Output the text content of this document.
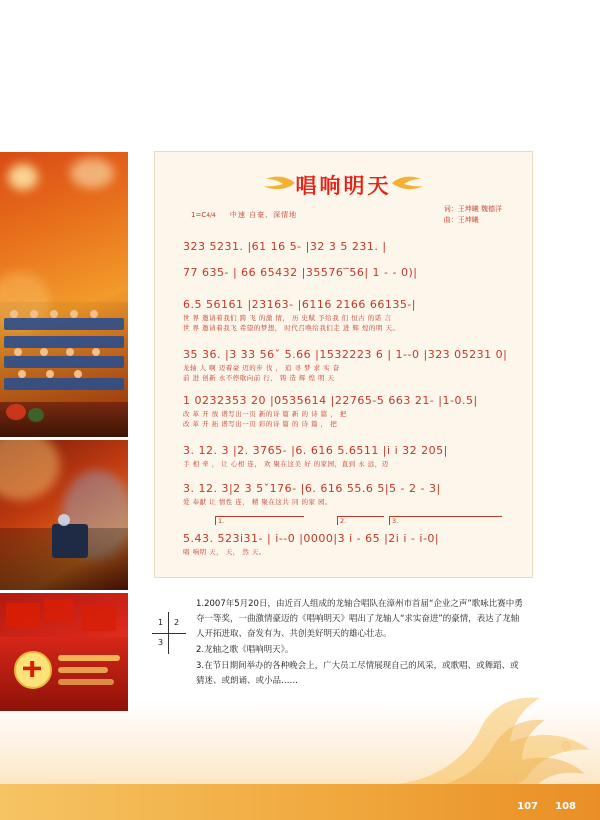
107 108
唱响明天
1=C4/4 中速 自豪、深情地
词：王坤曦 魏德洋
曲：王坤曦
323 5231. |61 16 5- |32 3 5 231. |
77 635- | 66 65432 |35576‾56| 1 - - 0)|
6.5 56161 |23163- |6116 2166 66135-|
世 界 邀请着我们 跨 飞 的激 情， 历 史赋 予给我 们 恒古 的诺 言
世 界 邀请着我飞 希望的梦想， 时代召唤给我们走 进 辉 煌的明 天。
35 36. |3 33 56ˇ 5.66 |1532223 6 | 1--0 |323 05231 0|
龙轴 人 啊 迈着豪 迈的步 伐 ， 追 寻 梦 求 实 奋
前 进 创新 永不停歇向前 行， 铸 造 辉 煌 明 天
1 0232353 20 |0535614 |22765-5 663 21- |1-0.5|
改 革 开 放 谱写出一页 新的诗 篇 新 的 诗 篇 ， 把
改 革 开 拓 谱写出一页 彩的诗 篇 的 诗 篇 ， 把
3. 12. 3 |2. 3765- |6. 616 5.6511 |i i 32 205|
手 相 牵 ， 让 心相 连， 欢 聚在这美 好 的家园，直到 永 远，迈
3. 12. 3|2 3 5ˇ176- |6. 616 55.6 5|5 - 2 - 3|
爱 奉献 让 情性 连， 精 聚在这共 同 的家 园。
1.	2.	3.
5.43. 523i31- | i--0 |0000|3 i - 65 |2i i - i-0|
唱 响明 天， 天， 然 天。
1 2
3

1.2007年5月20日，由近百人组成的龙轴合唱队在漳州市首届“企业之声”歌咏比赛中勇夺一等奖，一曲激情豪迈的《唱响明天》唱出了龙轴人“求实奋进”的豪情，表达了龙轴人开拓进取、奋发有为、共创美好明天的雄心壮志。

2.龙轴之歌《唱响明天》。

3.在节日期间举办的各种晚会上，广大员工尽情展现自己的风采，或歌唱、或舞蹈、或猜迷、或朗诵、或小品……
